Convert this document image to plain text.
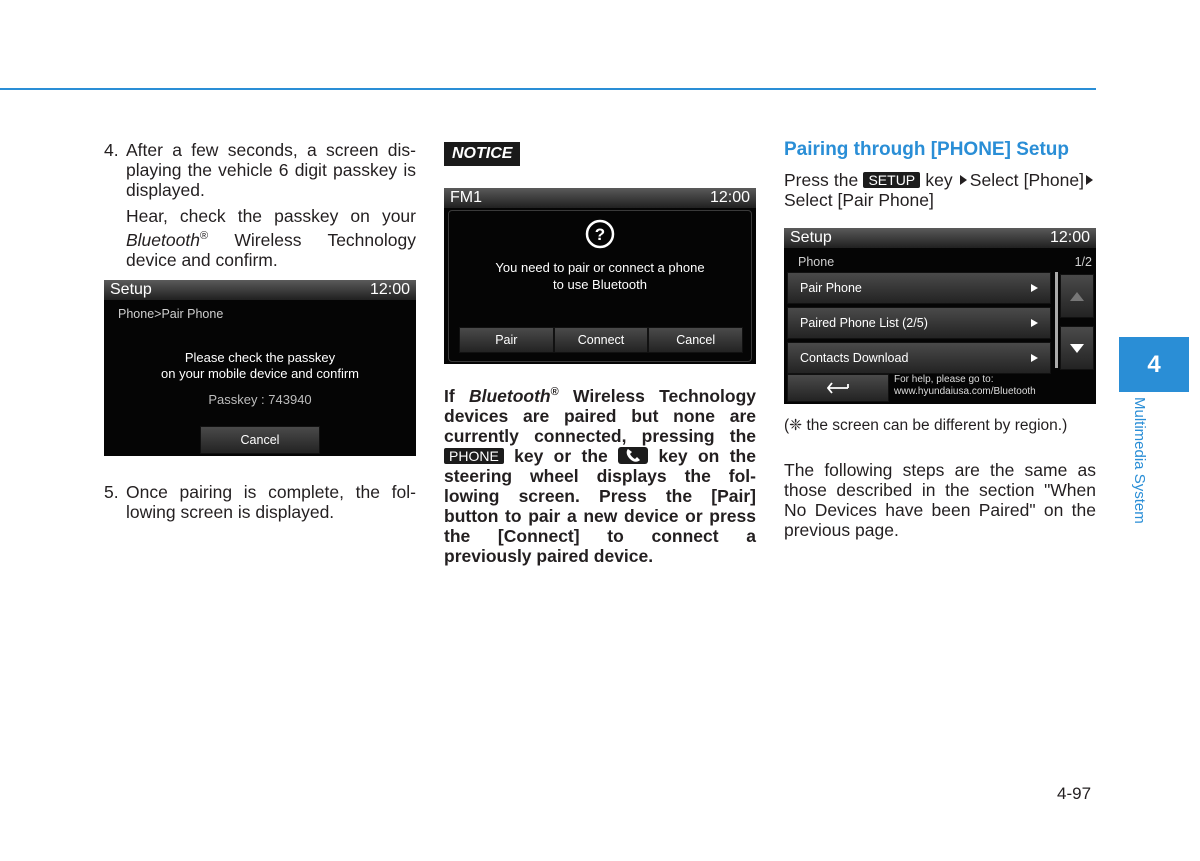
4. After a few seconds, a screen dis-playing the vehicle 6 digit passkey is displayed.

Hear, check the passkey on your Bluetooth® Wireless Technology device and confirm.

Setup	12:00
Phone>Pair Phone
Please check the passkey
on your mobile device and confirm
Passkey : 743940
Cancel
5. Once pairing is complete, the fol-lowing screen is displayed.

NOTICE
FM1	12:00
?
You need to pair or connect a phone
to use Bluetooth
Pair	Connect	Cancel

If Bluetooth® Wireless Technology devices are paired but none are currently connected, pressing the PHONE key or the	key on the steering wheel displays the fol-lowing screen. Press the [Pair] button to pair a new device or press the [Connect] to connect a previously paired device.

Pairing through [PHONE] Setup

Press the SETUP key Select [Phone]Select [Pair Phone]

Setup	12:00
Phone	1/2
Pair Phone
Paired Phone List (2/5)
Contacts Download
For help, please go to:
www.hyundaiusa.com/Bluetooth

(❈ the screen can be different by region.)

The following steps are the same as those described in the section "When No Devices have been Paired" on the previous page.

4
Multimedia System
4-97
